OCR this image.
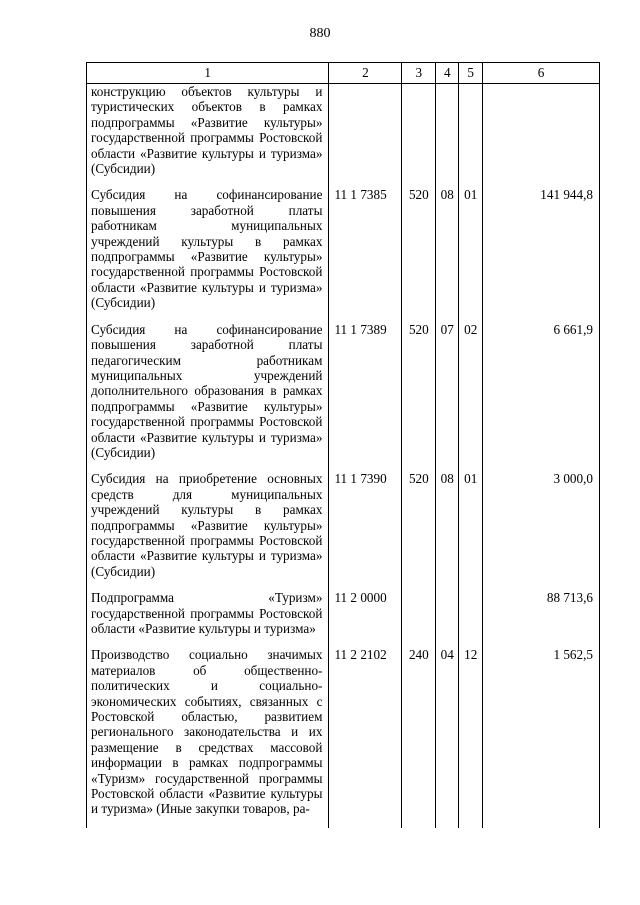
880
1	2	3	4	5	6
конструкцию объектов культуры и туристических объектов в рамках подпрограммы «Развитие культуры» государственной программы Ростовской области «Развитие культуры и туризма» (Субсидии)					
Субсидия на софинансирование повышения заработной платы работникам муниципальных учреждений культуры в рамках подпрограммы «Развитие культуры» государственной программы Ростовской области «Развитие культуры и туризма» (Субсидии)	11 1 7385	520	08	01	141 944,8
Субсидия на софинансирование повышения заработной платы педагогическим работникам муниципальных учреждений дополнительного образования в рамках подпрограммы «Развитие культуры» государственной программы Ростовской области «Развитие культуры и туризма» (Субсидии)	11 1 7389	520	07	02	6 661,9
Субсидия на приобретение основных средств для муниципальных учреждений культуры в рамках подпрограммы «Развитие культуры» государственной программы Ростовской области «Развитие культуры и туризма» (Субсидии)	11 1 7390	520	08	01	3 000,0
Подпрограмма «Туризм» государственной программы Ростовской области «Развитие культуры и туризма»	11 2 0000				88 713,6
Производство социально значимых материалов об общественно-политических и социально-экономических событиях, связанных с Ростовской областью, развитием регионального законодательства и их размещение в средствах массовой информации в рамках подпрограммы «Туризм» государственной программы Ростовской области «Развитие культуры и туризма» (Иные закупки товаров, ра-	11 2 2102	240	04	12	1 562,5
